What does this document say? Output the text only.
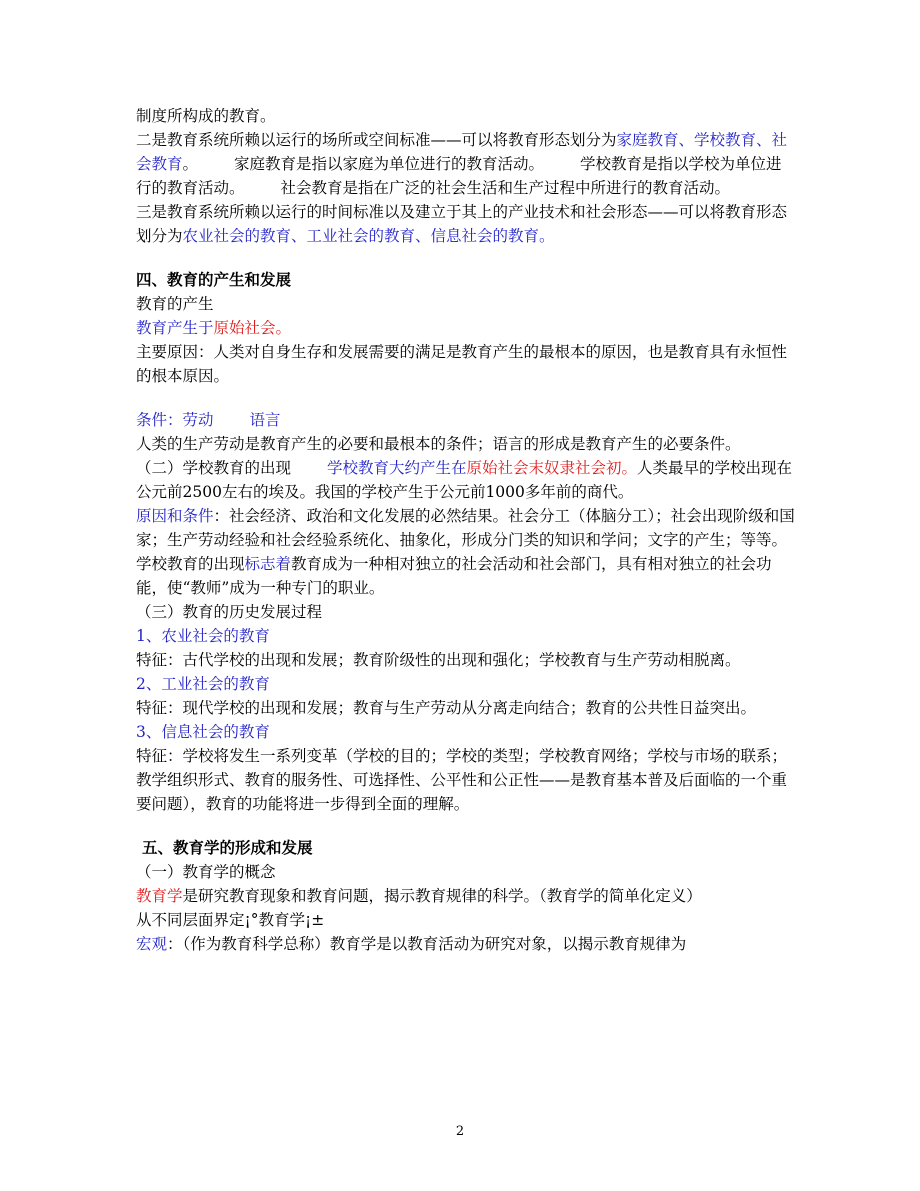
制度所构成的教育。

二是教育系统所赖以运行的场所或空间标准——可以将教育形态划分为家庭教育、学校教育、社会教育。 家庭教育是指以家庭为单位进行的教育活动。 学校教育是指以学校为单位进行的教育活动。 社会教育是指在广泛的社会生活和生产过程中所进行的教育活动。

三是教育系统所赖以运行的时间标准以及建立于其上的产业技术和社会形态——可以将教育形态划分为农业社会的教育、工业社会的教育、信息社会的教育。

四、教育的产生和发展

教育的产生

教育产生于原始社会。

主要原因：人类对自身生存和发展需要的满足是教育产生的最根本的原因，也是教育具有永恒性的根本原因。

条件：劳动 语言

人类的生产劳动是教育产生的必要和最根本的条件；语言的形成是教育产生的必要条件。

（二）学校教育的出现 学校教育大约产生在原始社会末奴隶社会初。人类最早的学校出现在公元前2500左右的埃及。我国的学校产生于公元前1000多年前的商代。

原因和条件：社会经济、政治和文化发展的必然结果。社会分工（体脑分工）；社会出现阶级和国家；生产劳动经验和社会经验系统化、抽象化，形成分门类的知识和学问；文字的产生；等等。

学校教育的出现标志着教育成为一种相对独立的社会活动和社会部门，具有相对独立的社会功能，使“教师”成为一种专门的职业。

（三）教育的历史发展过程

1、农业社会的教育

特征：古代学校的出现和发展；教育阶级性的出现和强化；学校教育与生产劳动相脱离。

2、工业社会的教育

特征：现代学校的出现和发展；教育与生产劳动从分离走向结合；教育的公共性日益突出。

3、信息社会的教育

特征：学校将发生一系列变革（学校的目的；学校的类型；学校教育网络；学校与市场的联系；教学组织形式、教育的服务性、可选择性、公平性和公正性——是教育基本普及后面临的一个重要问题），教育的功能将进一步得到全面的理解。

五、教育学的形成和发展

（一）教育学的概念

教育学是研究教育现象和教育问题，揭示教育规律的科学。（教育学的简单化定义）

从不同层面界定¡°教育学¡±

宏观：（作为教育科学总称）教育学是以教育活动为研究对象，以揭示教育规律为

2
